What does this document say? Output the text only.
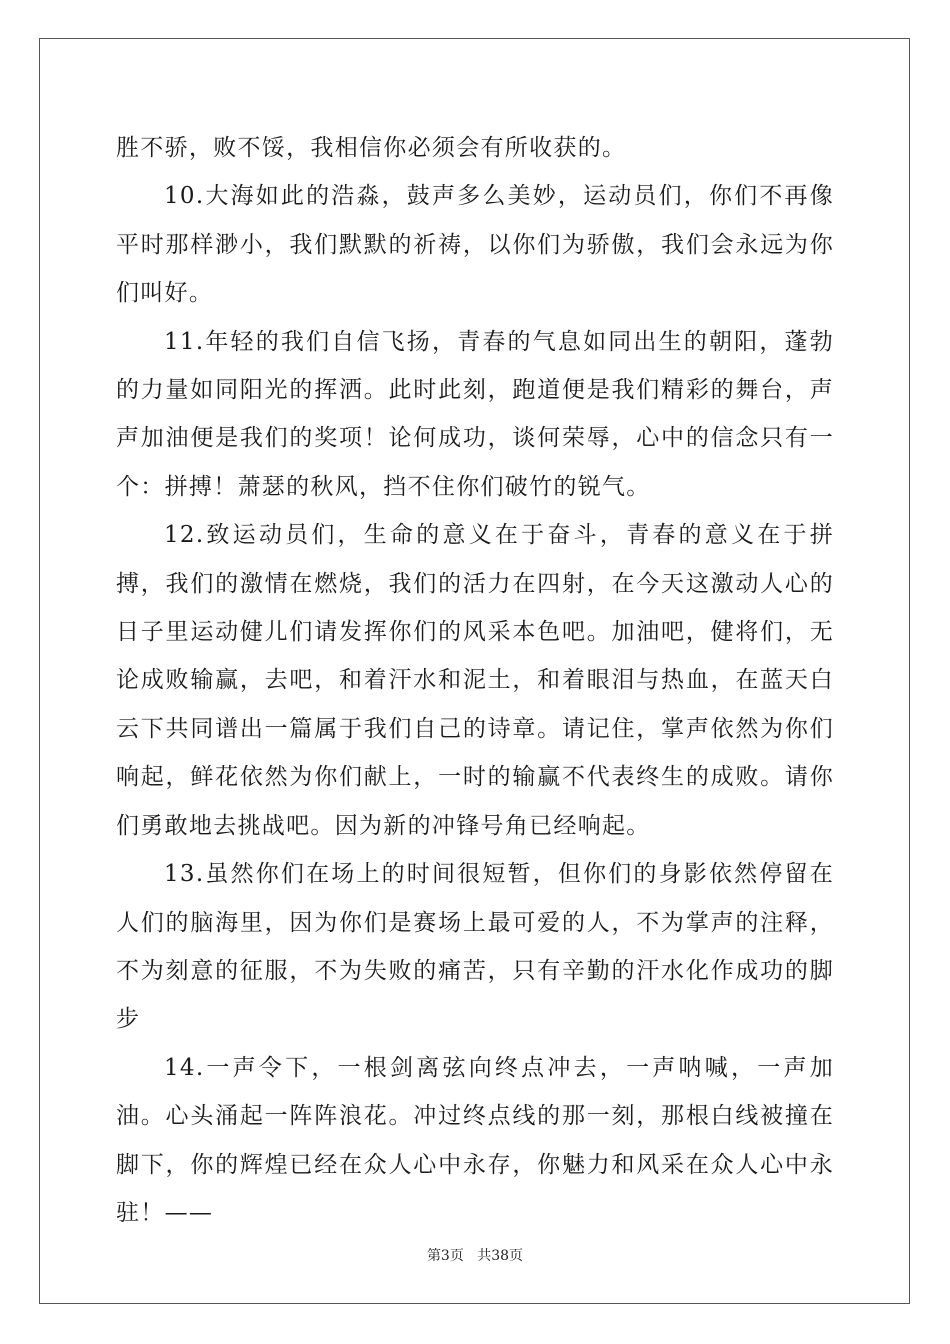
胜不骄，败不馁，我相信你必须会有所收获的。

10.大海如此的浩淼，鼓声多么美妙，运动员们，你们不再像平时那样渺小，我们默默的祈祷，以你们为骄傲，我们会永远为你们叫好。

11.年轻的我们自信飞扬，青春的气息如同出生的朝阳，蓬勃的力量如同阳光的挥洒。此时此刻，跑道便是我们精彩的舞台，声声加油便是我们的奖项！论何成功，谈何荣辱，心中的信念只有一个：拼搏！萧瑟的秋风，挡不住你们破竹的锐气。

12.致运动员们，生命的意义在于奋斗，青春的意义在于拼搏，我们的激情在燃烧，我们的活力在四射，在今天这激动人心的日子里运动健儿们请发挥你们的风采本色吧。加油吧，健将们，无论成败输赢，去吧，和着汗水和泥土，和着眼泪与热血，在蓝天白云下共同谱出一篇属于我们自己的诗章。请记住，掌声依然为你们响起，鲜花依然为你们献上，一时的输赢不代表终生的成败。请你们勇敢地去挑战吧。因为新的冲锋号角已经响起。

13.虽然你们在场上的时间很短暂，但你们的身影依然停留在人们的脑海里，因为你们是赛场上最可爱的人，不为掌声的注释，不为刻意的征服，不为失败的痛苦，只有辛勤的汗水化作成功的脚步

14.一声令下，一根剑离弦向终点冲去，一声呐喊，一声加油。心头涌起一阵阵浪花。冲过终点线的那一刻，那根白线被撞在脚下，你的辉煌已经在众人心中永存，你魅力和风采在众人心中永驻！——

第3页 共38页
